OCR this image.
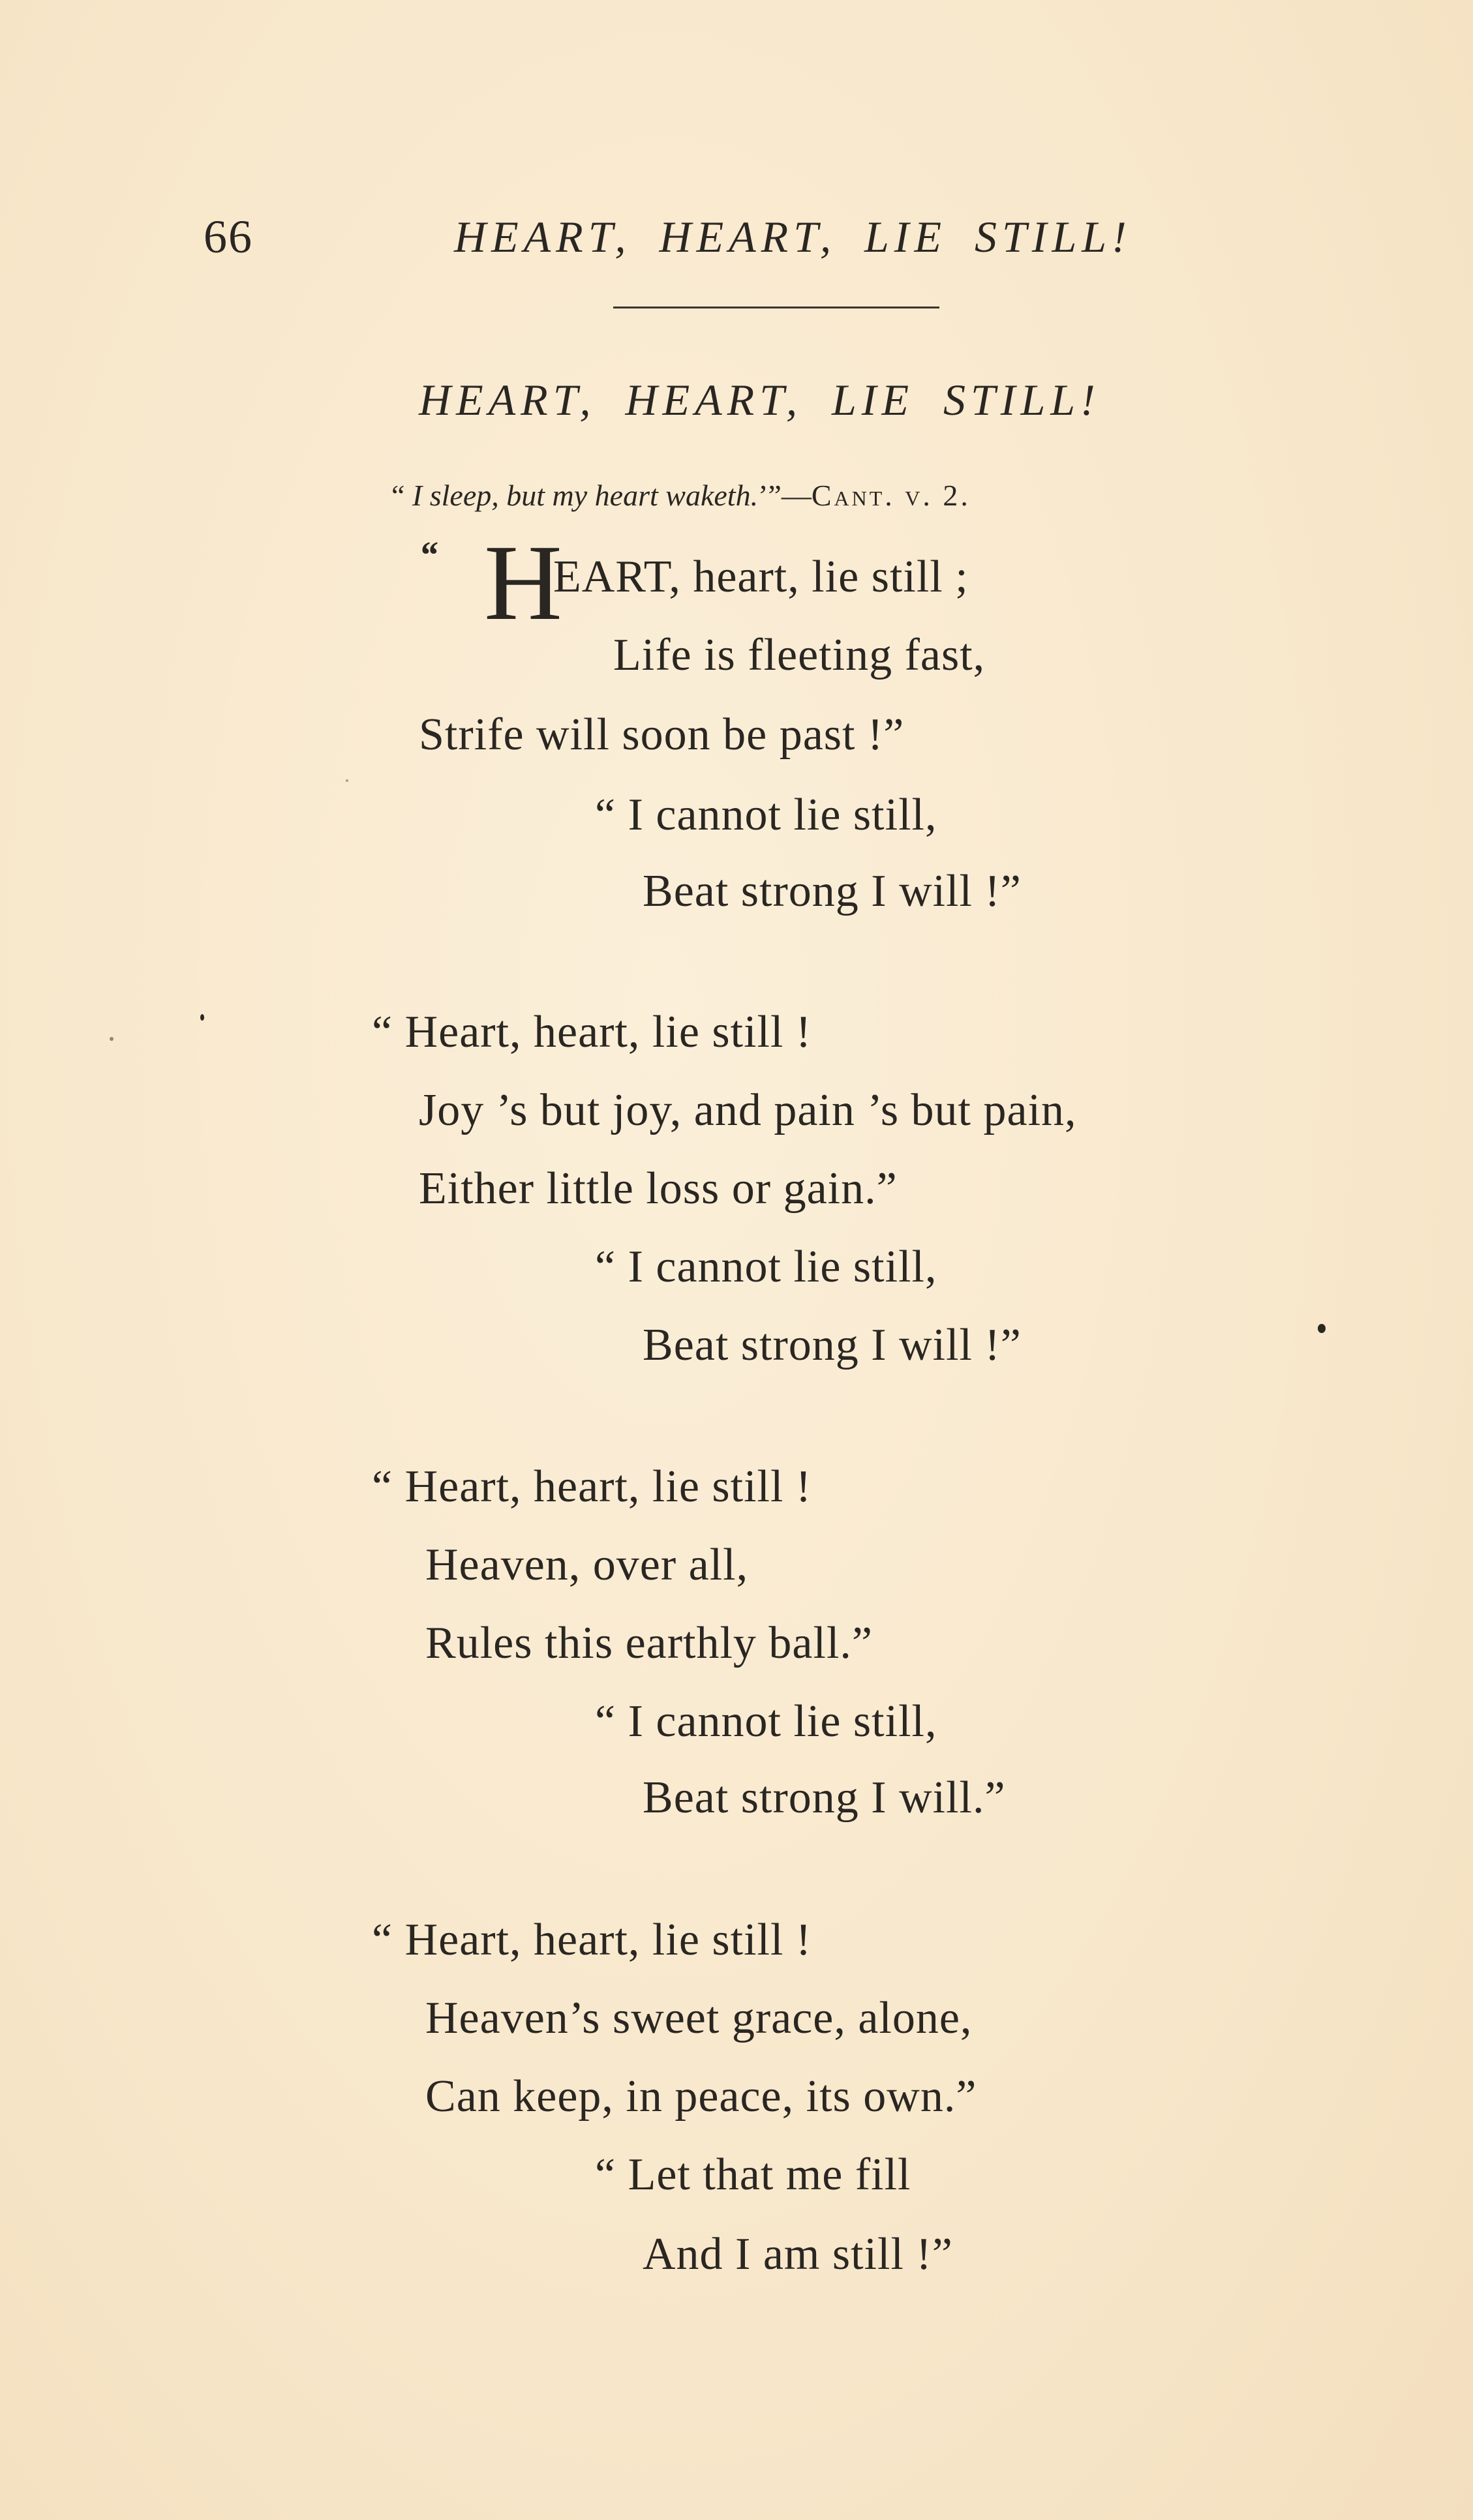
66	HEART, HEART, LIE STILL!
HEART, HEART, LIE STILL!
“ I sleep, but my heart waketh.’”—Cant. v. 2.
“ H
EART, heart, lie still ;
Life is fleeting fast,
Strife will soon be past !”
“ I cannot lie still,
Beat strong I will !”
“ Heart, heart, lie still !
Joy ’s but joy, and pain ’s but pain,
Either little loss or gain.”
“ I cannot lie still,
Beat strong I will !”
“ Heart, heart, lie still !
Heaven, over all,
Rules this earthly ball.”
“ I cannot lie still,
Beat strong I will.”
“ Heart, heart, lie still !
Heaven’s sweet grace, alone,
Can keep, in peace, its own.”
“ Let that me fill
And I am still !”
